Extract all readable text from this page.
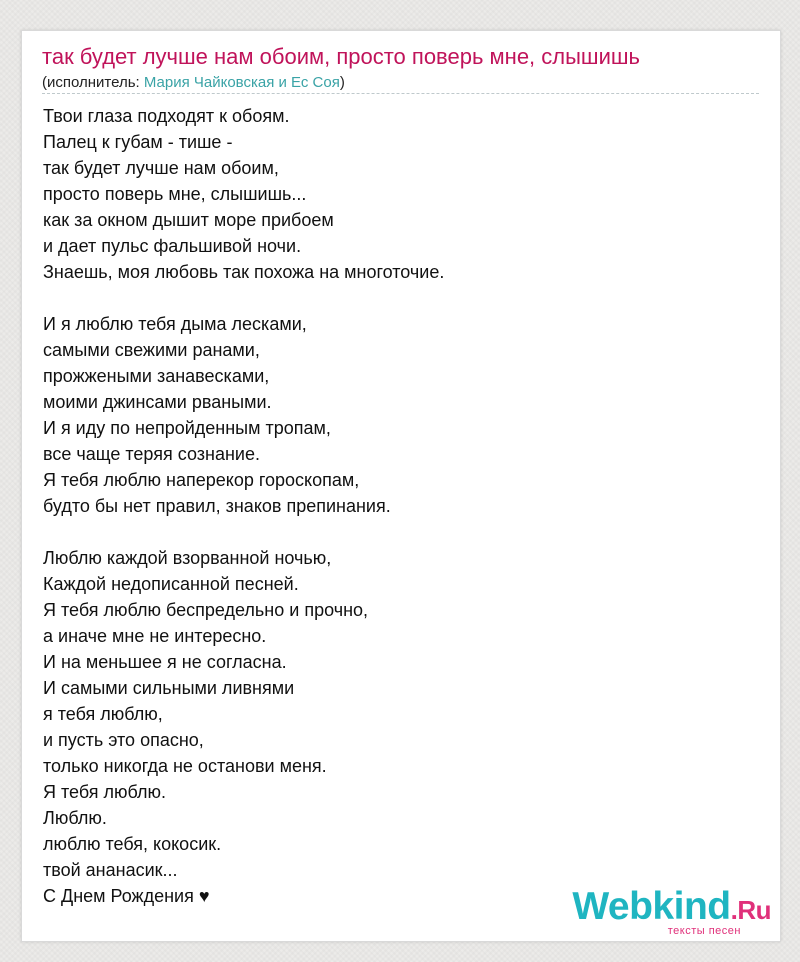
так будет лучше нам обоим, просто поверь мне, слышишь
(исполнитель: Мария Чайковская и Ес Соя)
Твои глаза подходят к обоям.
Палец к губам - тише -
так будет лучше нам обоим,
просто поверь мне, слышишь...
как за окном дышит море прибоем
и дает пульс фальшивой ночи.
Знаешь, моя любовь так похожа на многоточие.
И я люблю тебя дыма лесками,
самыми свежими ранами,
прожжеными занавесками,
моими джинсами рваными.
И я иду по непройденным тропам,
все чаще теряя сознание.
Я тебя люблю наперекор гороскопам,
будто бы нет правил, знаков препинания.
Люблю каждой взорванной ночью,
Каждой недописанной песней.
Я тебя люблю беспредельно и прочно,
а иначе мне не интересно.
И на меньшее я не согласна.
И самыми сильными ливнями
я тебя люблю,
и пусть это опасно,
только никогда не останови меня.
Я тебя люблю.
Люблю.
люблю тебя, кокосик.
твой ананасик...
С Днем Рождения ♥	Webkind.Ru
тексты песен
